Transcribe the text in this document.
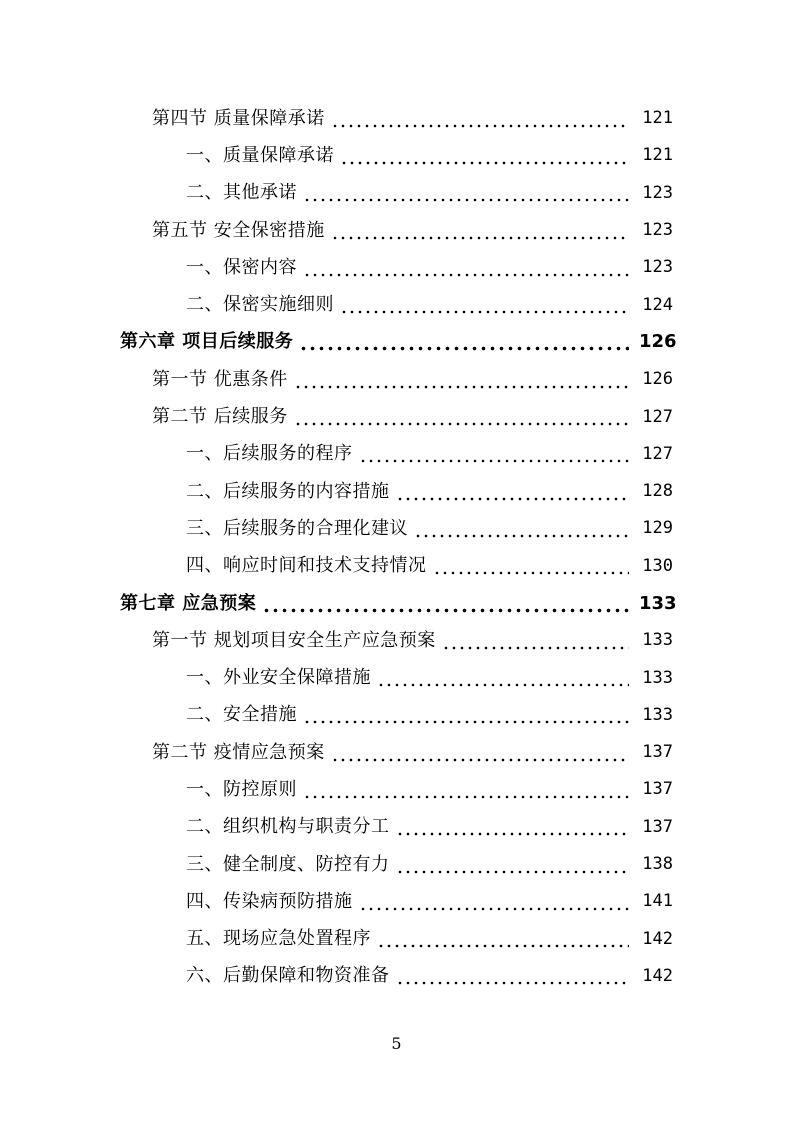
第四节 质量保障承诺	121
一、质量保障承诺	121
二、其他承诺	123
第五节 安全保密措施	123
一、保密内容	123
二、保密实施细则	124
第六章 项目后续服务	126
第一节 优惠条件	126
第二节 后续服务	127
一、后续服务的程序	127
二、后续服务的内容措施	128
三、后续服务的合理化建议	129
四、响应时间和技术支持情况	130
第七章 应急预案	133
第一节 规划项目安全生产应急预案	133
一、外业安全保障措施	133
二、安全措施	133
第二节 疫情应急预案	137
一、防控原则	137
二、组织机构与职责分工	137
三、健全制度、防控有力	138
四、传染病预防措施	141
五、现场应急处置程序	142
六、后勤保障和物资准备	142
5
